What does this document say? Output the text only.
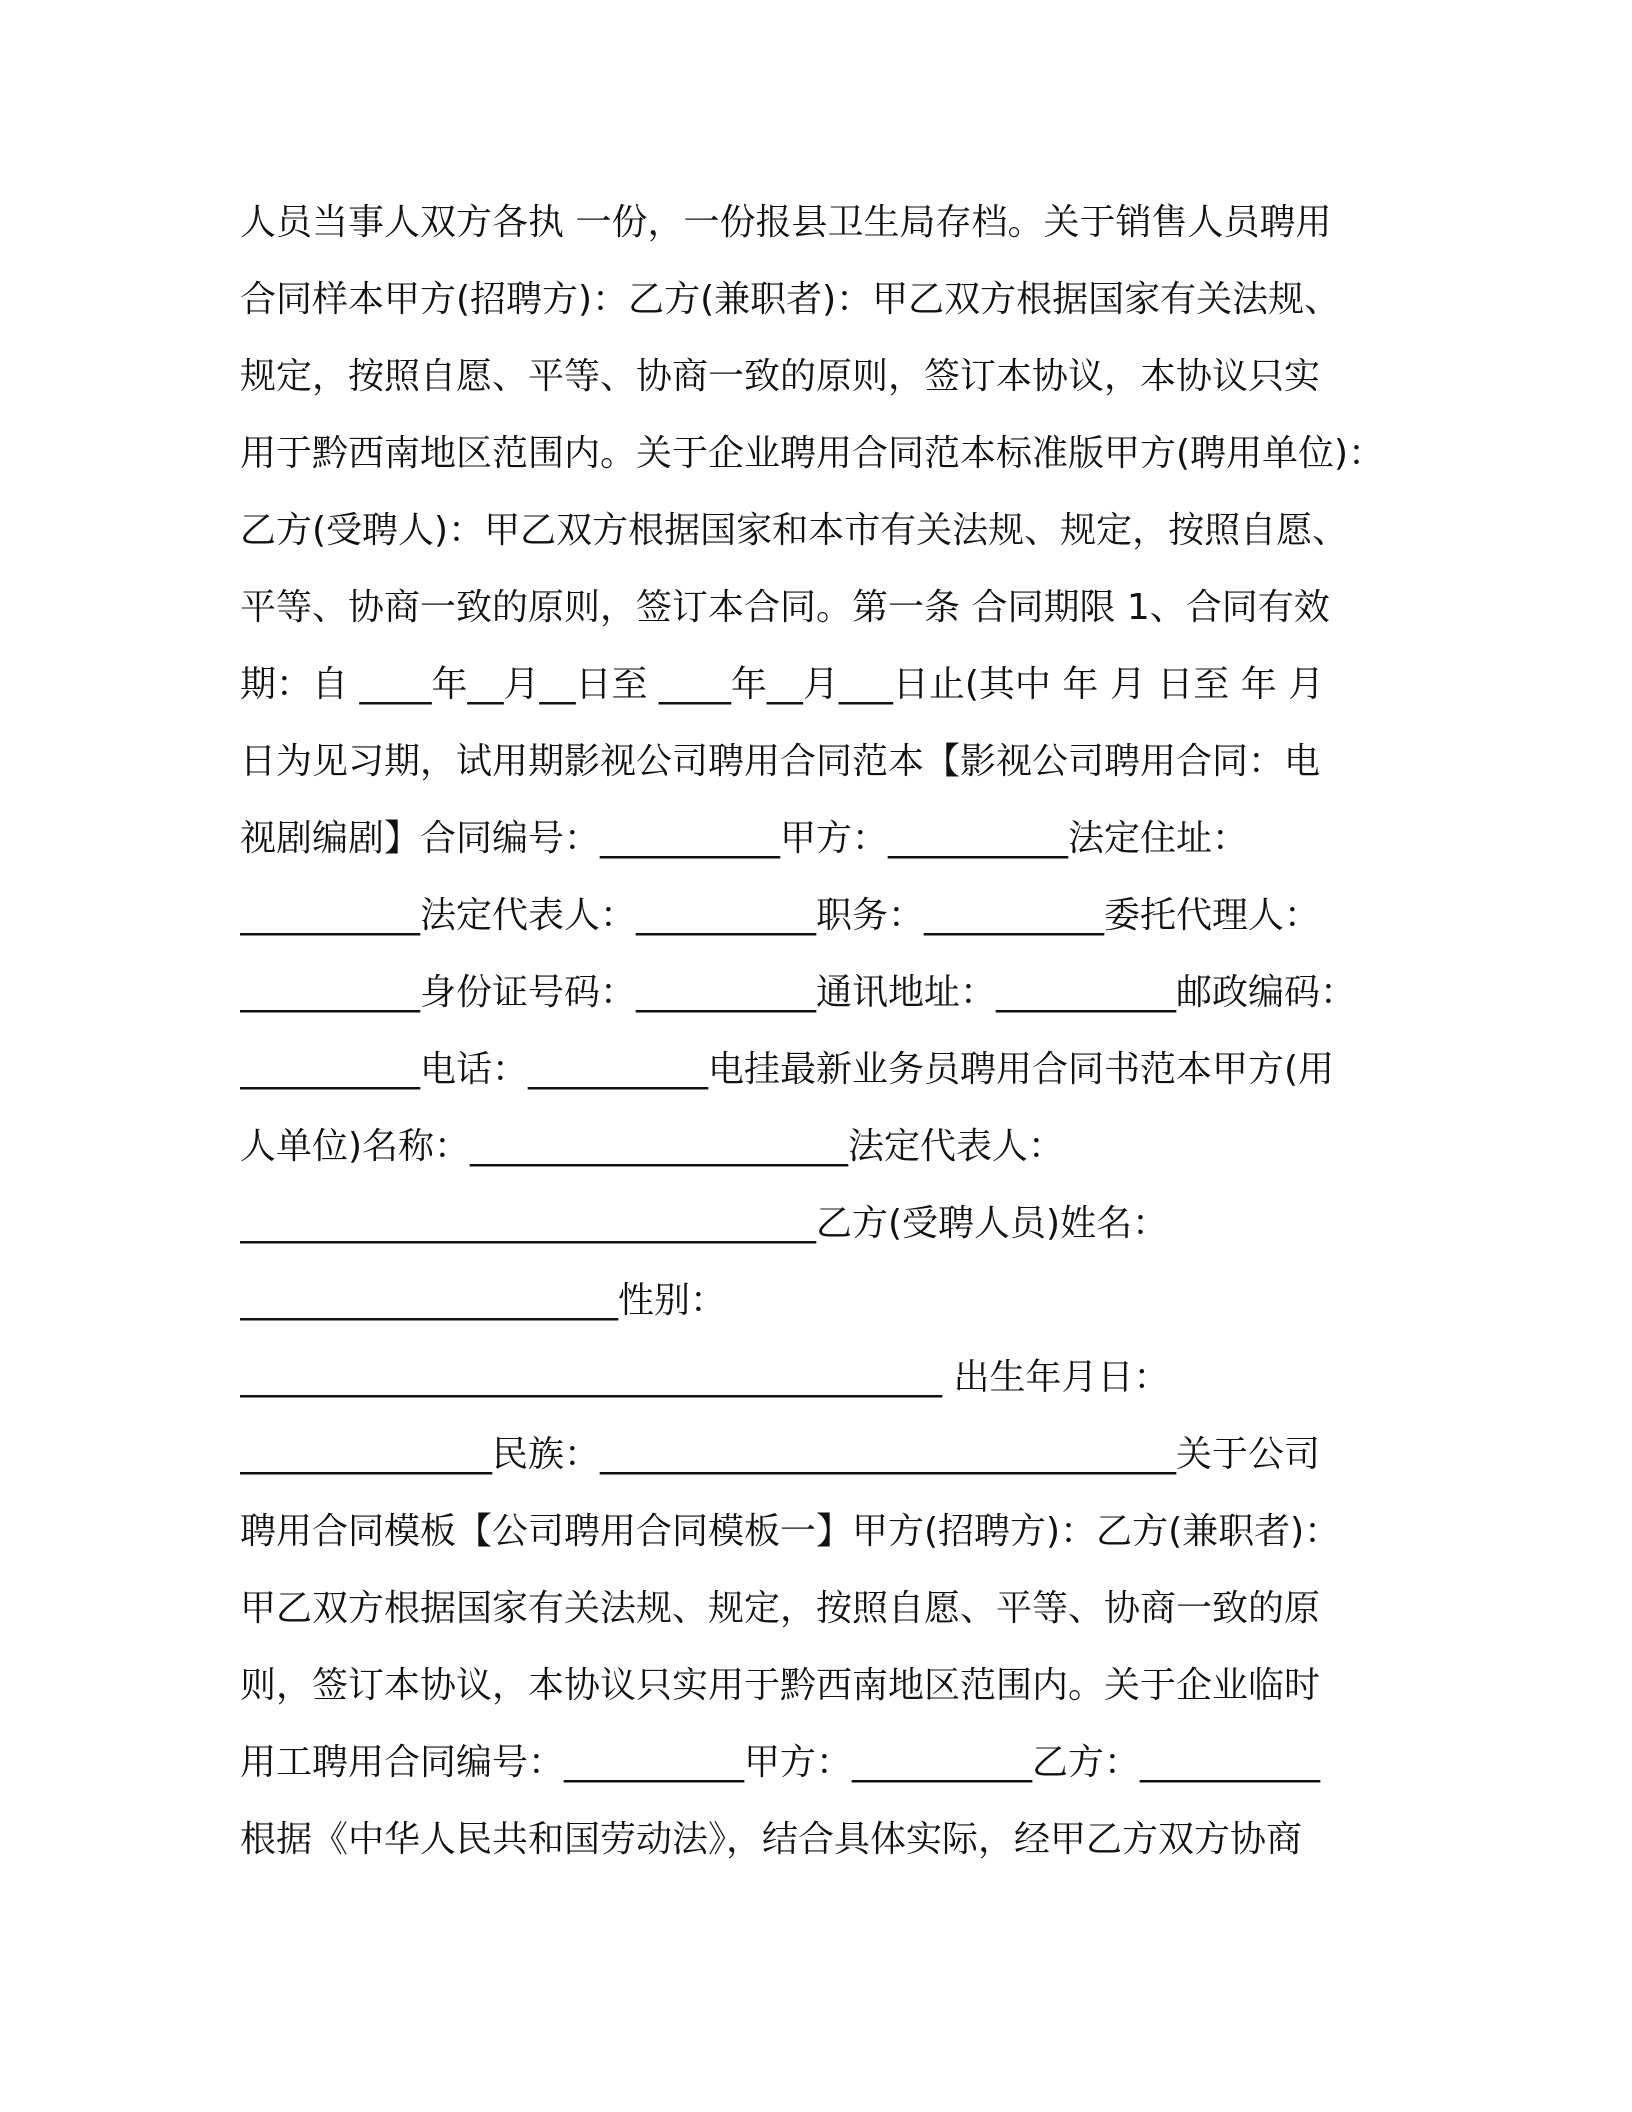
人员当事人双方各执 一份，一份报县卫生局存档。关于销售人员聘用
合同样本甲方(招聘方)：乙方(兼职者)：甲乙双方根据国家有关法规、
规定，按照自愿、平等、协商一致的原则，签订本协议，本协议只实
用于黔西南地区范围内。关于企业聘用合同范本标准版甲方(聘用单位)：
乙方(受聘人)：甲乙双方根据国家和本市有关法规、规定，按照自愿、
平等、协商一致的原则，签订本合同。第一条 合同期限 1、合同有效
期：自 ____年__月__日至 ____年__月___日止(其中 年 月 日至 年 月
日为见习期，试用期影视公司聘用合同范本【影视公司聘用合同：电
视剧编剧】合同编号：__________甲方：__________法定住址：
__________法定代表人：__________职务：__________委托代理人：
__________身份证号码：__________通讯地址：__________邮政编码：
__________电话：__________电挂最新业务员聘用合同书范本甲方(用
人单位)名称：_____________________法定代表人：
________________________________乙方(受聘人员)姓名：
_____________________性别：
_______________________________________ 出生年月日：
______________民族：________________________________关于公司
聘用合同模板【公司聘用合同模板一】甲方(招聘方)：乙方(兼职者)：
甲乙双方根据国家有关法规、规定，按照自愿、平等、协商一致的原
则，签订本协议，本协议只实用于黔西南地区范围内。关于企业临时
用工聘用合同编号：__________甲方：__________乙方：__________
根据《中华人民共和国劳动法》，结合具体实际，经甲乙方双方协商
